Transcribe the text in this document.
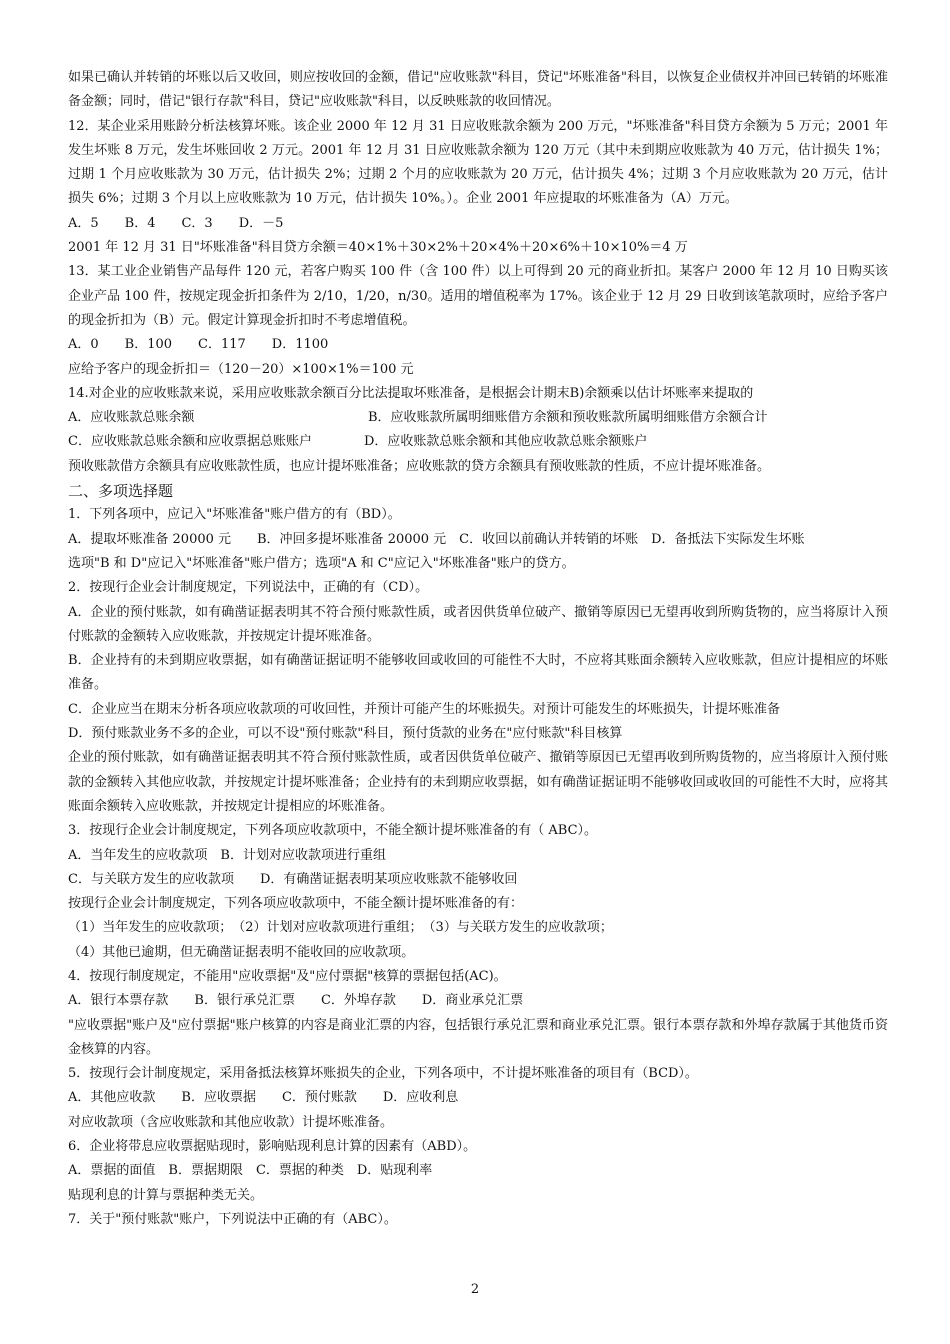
如果已确认并转销的坏账以后又收回，则应按收回的金额，借记"应收账款"科目，贷记"坏账准备"科目，以恢复企业债权并冲回已转销的坏账准备金额；同时，借记"银行存款"科目，贷记"应收账款"科目，以反映账款的收回情况。

12．某企业采用账龄分析法核算坏账。该企业 2000 年 12 月 31 日应收账款余额为 200 万元，"坏账准备"科目贷方余额为 5 万元；2001 年发生坏账 8 万元，发生坏账回收 2 万元。2001 年 12 月 31 日应收账款余额为 120 万元（其中未到期应收账款为 40 万元，估计损失 1%；过期 1 个月应收账款为 30 万元，估计损失 2%；过期 2 个月的应收账款为 20 万元，估计损失 4%；过期 3 个月应收账款为 20 万元，估计损失 6%；过期 3 个月以上应收账款为 10 万元，估计损失 10%。）。企业 2001 年应提取的坏账准备为（A）万元。

A．5　　B．4　　C．3　　D．－5

2001 年 12 月 31 日"坏账准备"科目贷方余额＝40×1%＋30×2%＋20×4%＋20×6%＋10×10%＝4 万

13．某工业企业销售产品每件 120 元，若客户购买 100 件（含 100 件）以上可得到 20 元的商业折扣。某客户 2000 年 12 月 10 日购买该企业产品 100 件，按规定现金折扣条件为 2/10，1/20，n/30。适用的增值税率为 17%。该企业于 12 月 29 日收到该笔款项时，应给予客户的现金折扣为（B）元。假定计算现金折扣时不考虑增值税。

A．0　　B．100　　C．117　　D．1100

应给予客户的现金折扣＝（120－20）×100×1%＝100 元

14.对企业的应收账款来说，采用应收账款余额百分比法提取坏账准备，是根据会计期末B)余额乘以估计坏账率来提取的

A．应收账款总账余额	B．应收账款所属明细账借方余额和预收账款所属明细账借方余额合计
C．应收账款总账余额和应收票据总账账户	D．应收账款总账余额和其他应收款总账余额账户

预收账款借方余额具有应收账款性质，也应计提坏账准备；应收账款的贷方余额具有预收账款的性质，不应计提坏账准备。

二、多项选择题

1．下列各项中，应记入"坏账准备"账户借方的有（BD）。

A．提取坏账准备 20000 元　　B．冲回多提坏账准备 20000 元　C．收回以前确认并转销的坏账　D．备抵法下实际发生坏账

选项"B 和 D"应记入"坏账准备"账户借方；选项"A 和 C"应记入"坏账准备"账户的贷方。

2．按现行企业会计制度规定，下列说法中，正确的有（CD）。

A．企业的预付账款，如有确凿证据表明其不符合预付账款性质，或者因供货单位破产、撤销等原因已无望再收到所购货物的，应当将原计入预付账款的金额转入应收账款，并按规定计提坏账准备。

B．企业持有的未到期应收票据，如有确凿证据证明不能够收回或收回的可能性不大时，不应将其账面余额转入应收账款，但应计提相应的坏账准备。

C．企业应当在期末分析各项应收款项的可收回性，并预计可能产生的坏账损失。对预计可能发生的坏账损失，计提坏账准备

D．预付账款业务不多的企业，可以不设"预付账款"科目，预付货款的业务在"应付账款"科目核算

企业的预付账款，如有确凿证据表明其不符合预付账款性质，或者因供货单位破产、撤销等原因已无望再收到所购货物的，应当将原计入预付账款的金额转入其他应收款，并按规定计提坏账准备；企业持有的未到期应收票据，如有确凿证据证明不能够收回或收回的可能性不大时，应将其账面余额转入应收账款，并按规定计提相应的坏账准备。

3．按现行企业会计制度规定，下列各项应收款项中，不能全额计提坏账准备的有（ ABC）。

A．当年发生的应收款项　B．计划对应收款项进行重组

C．与关联方发生的应收款项　　D．有确凿证据表明某项应收账款不能够收回

按现行企业会计制度规定，下列各项应收款项中，不能全额计提坏账准备的有：

（1）当年发生的应收款项；　（2）计划对应收款项进行重组；　（3）与关联方发生的应收款项；

（4）其他已逾期，但无确凿证据表明不能收回的应收款项。

4．按现行制度规定，不能用"应收票据"及"应付票据"核算的票据包括(AC)。

A．银行本票存款　　B．银行承兑汇票　　C．外埠存款　　D．商业承兑汇票

"应收票据"账户及"应付票据"账户核算的内容是商业汇票的内容，包括银行承兑汇票和商业承兑汇票。银行本票存款和外埠存款属于其他货币资金核算的内容。

5．按现行会计制度规定，采用备抵法核算坏账损失的企业，下列各项中，不计提坏账准备的项目有（BCD）。

A．其他应收款　　B．应收票据　　C．预付账款　　D．应收利息

对应收款项（含应收账款和其他应收款）计提坏账准备。

6．企业将带息应收票据贴现时，影响贴现利息计算的因素有（ABD）。

A．票据的面值　B．票据期限　C．票据的种类　D．贴现利率

贴现利息的计算与票据种类无关。

7．关于"预付账款"账户，下列说法中正确的有（ABC）。

2
